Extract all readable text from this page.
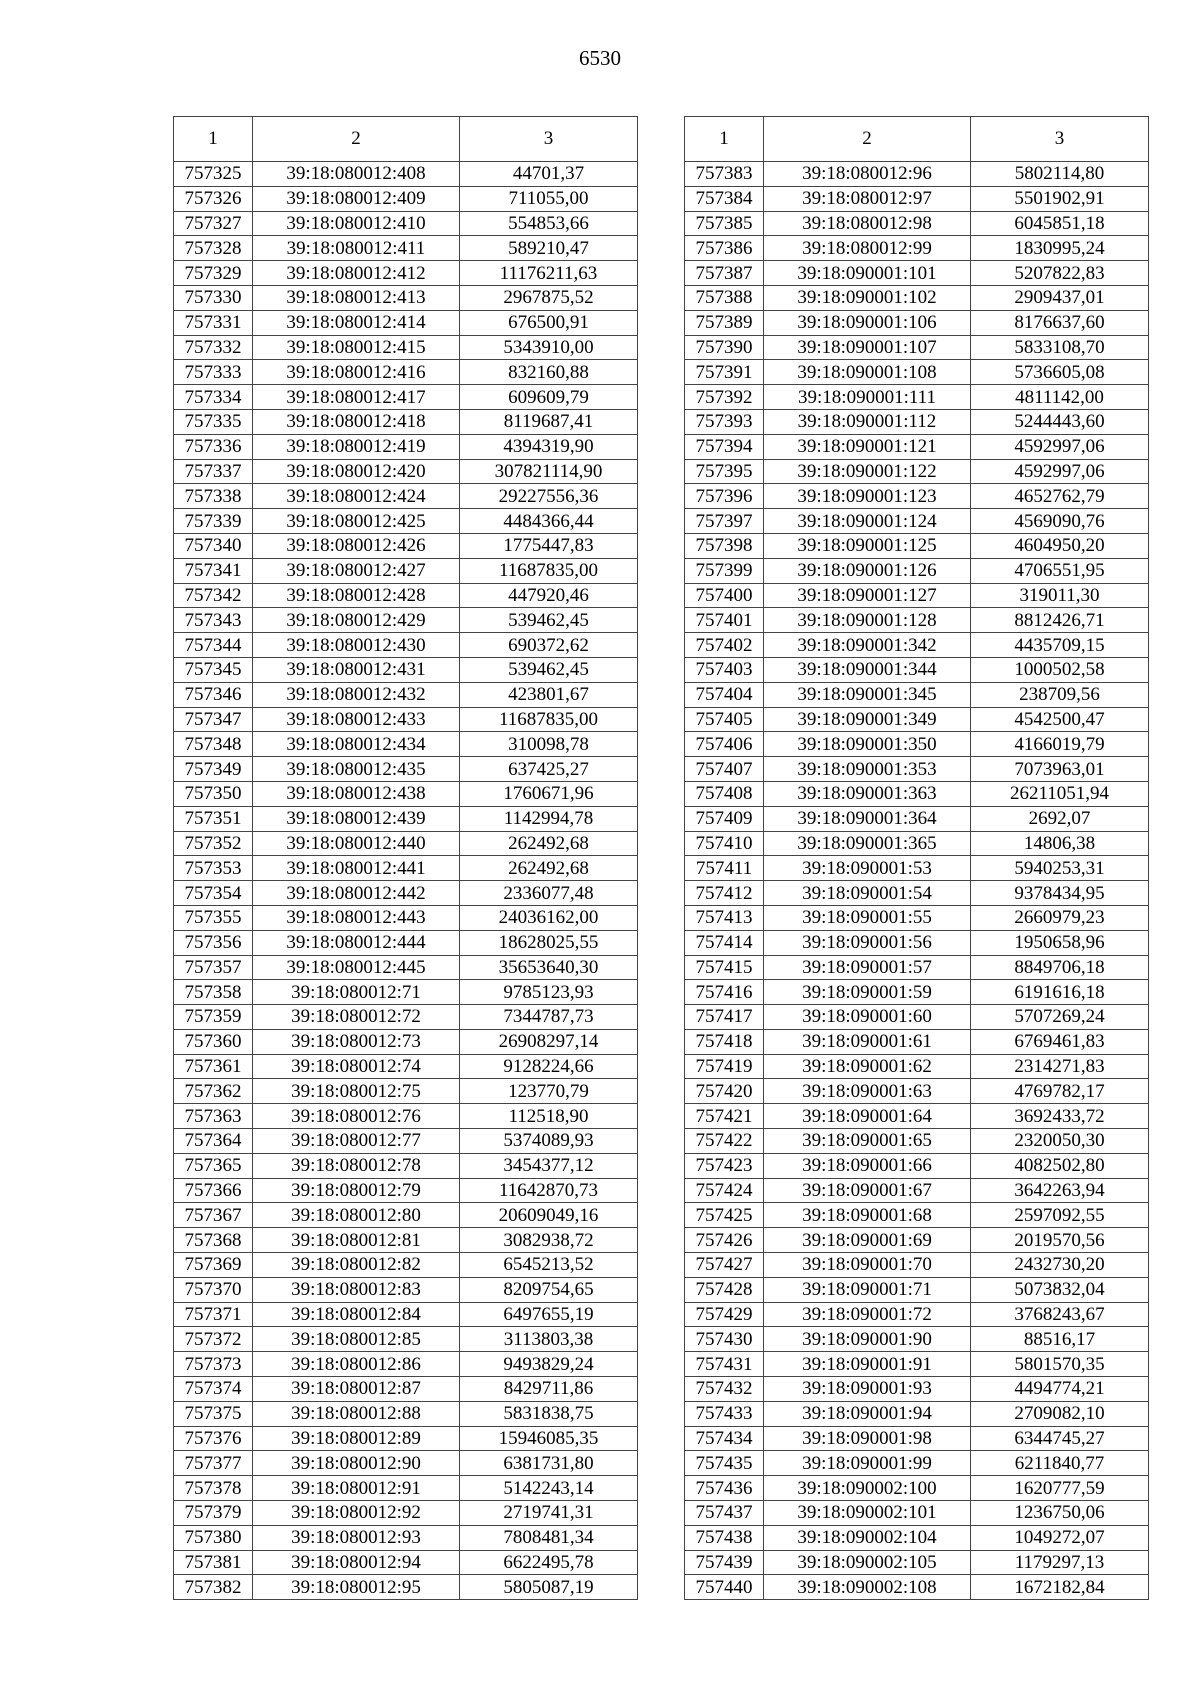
6530
1	2	3
757325	39:18:080012:408	44701,37
757326	39:18:080012:409	711055,00
757327	39:18:080012:410	554853,66
757328	39:18:080012:411	589210,47
757329	39:18:080012:412	11176211,63
757330	39:18:080012:413	2967875,52
757331	39:18:080012:414	676500,91
757332	39:18:080012:415	5343910,00
757333	39:18:080012:416	832160,88
757334	39:18:080012:417	609609,79
757335	39:18:080012:418	8119687,41
757336	39:18:080012:419	4394319,90
757337	39:18:080012:420	307821114,90
757338	39:18:080012:424	29227556,36
757339	39:18:080012:425	4484366,44
757340	39:18:080012:426	1775447,83
757341	39:18:080012:427	11687835,00
757342	39:18:080012:428	447920,46
757343	39:18:080012:429	539462,45
757344	39:18:080012:430	690372,62
757345	39:18:080012:431	539462,45
757346	39:18:080012:432	423801,67
757347	39:18:080012:433	11687835,00
757348	39:18:080012:434	310098,78
757349	39:18:080012:435	637425,27
757350	39:18:080012:438	1760671,96
757351	39:18:080012:439	1142994,78
757352	39:18:080012:440	262492,68
757353	39:18:080012:441	262492,68
757354	39:18:080012:442	2336077,48
757355	39:18:080012:443	24036162,00
757356	39:18:080012:444	18628025,55
757357	39:18:080012:445	35653640,30
757358	39:18:080012:71	9785123,93
757359	39:18:080012:72	7344787,73
757360	39:18:080012:73	26908297,14
757361	39:18:080012:74	9128224,66
757362	39:18:080012:75	123770,79
757363	39:18:080012:76	112518,90
757364	39:18:080012:77	5374089,93
757365	39:18:080012:78	3454377,12
757366	39:18:080012:79	11642870,73
757367	39:18:080012:80	20609049,16
757368	39:18:080012:81	3082938,72
757369	39:18:080012:82	6545213,52
757370	39:18:080012:83	8209754,65
757371	39:18:080012:84	6497655,19
757372	39:18:080012:85	3113803,38
757373	39:18:080012:86	9493829,24
757374	39:18:080012:87	8429711,86
757375	39:18:080012:88	5831838,75
757376	39:18:080012:89	15946085,35
757377	39:18:080012:90	6381731,80
757378	39:18:080012:91	5142243,14
757379	39:18:080012:92	2719741,31
757380	39:18:080012:93	7808481,34
757381	39:18:080012:94	6622495,78
757382	39:18:080012:95	5805087,19
1	2	3
757383	39:18:080012:96	5802114,80
757384	39:18:080012:97	5501902,91
757385	39:18:080012:98	6045851,18
757386	39:18:080012:99	1830995,24
757387	39:18:090001:101	5207822,83
757388	39:18:090001:102	2909437,01
757389	39:18:090001:106	8176637,60
757390	39:18:090001:107	5833108,70
757391	39:18:090001:108	5736605,08
757392	39:18:090001:111	4811142,00
757393	39:18:090001:112	5244443,60
757394	39:18:090001:121	4592997,06
757395	39:18:090001:122	4592997,06
757396	39:18:090001:123	4652762,79
757397	39:18:090001:124	4569090,76
757398	39:18:090001:125	4604950,20
757399	39:18:090001:126	4706551,95
757400	39:18:090001:127	319011,30
757401	39:18:090001:128	8812426,71
757402	39:18:090001:342	4435709,15
757403	39:18:090001:344	1000502,58
757404	39:18:090001:345	238709,56
757405	39:18:090001:349	4542500,47
757406	39:18:090001:350	4166019,79
757407	39:18:090001:353	7073963,01
757408	39:18:090001:363	26211051,94
757409	39:18:090001:364	2692,07
757410	39:18:090001:365	14806,38
757411	39:18:090001:53	5940253,31
757412	39:18:090001:54	9378434,95
757413	39:18:090001:55	2660979,23
757414	39:18:090001:56	1950658,96
757415	39:18:090001:57	8849706,18
757416	39:18:090001:59	6191616,18
757417	39:18:090001:60	5707269,24
757418	39:18:090001:61	6769461,83
757419	39:18:090001:62	2314271,83
757420	39:18:090001:63	4769782,17
757421	39:18:090001:64	3692433,72
757422	39:18:090001:65	2320050,30
757423	39:18:090001:66	4082502,80
757424	39:18:090001:67	3642263,94
757425	39:18:090001:68	2597092,55
757426	39:18:090001:69	2019570,56
757427	39:18:090001:70	2432730,20
757428	39:18:090001:71	5073832,04
757429	39:18:090001:72	3768243,67
757430	39:18:090001:90	88516,17
757431	39:18:090001:91	5801570,35
757432	39:18:090001:93	4494774,21
757433	39:18:090001:94	2709082,10
757434	39:18:090001:98	6344745,27
757435	39:18:090001:99	6211840,77
757436	39:18:090002:100	1620777,59
757437	39:18:090002:101	1236750,06
757438	39:18:090002:104	1049272,07
757439	39:18:090002:105	1179297,13
757440	39:18:090002:108	1672182,84
